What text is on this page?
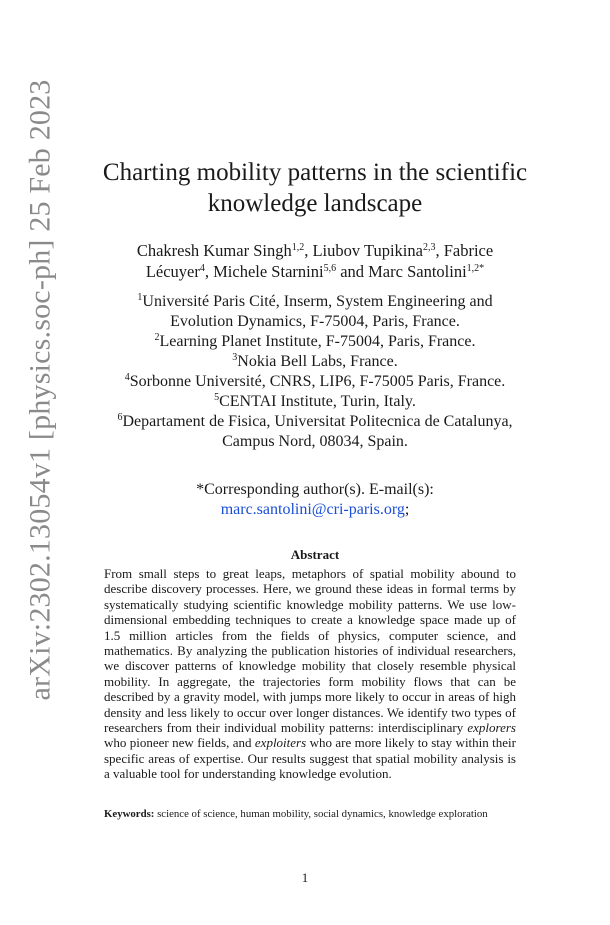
arXiv:2302.13054v1 [physics.soc-ph] 25 Feb 2023	Charting mobility patterns in the scientific
knowledge landscape
Chakresh Kumar Singh$^{1,2}$, Liubov Tupikina$^{2,3}$, Fabrice Lécuyer$^4$, Michele Starnini$^{5,6}$ and Marc Santolini$^{1,2*}$
$^1$Université Paris Cité, Inserm, System Engineering and
Evolution Dynamics, F-75004, Paris, France.
$^2$Learning Planet Institute, F-75004, Paris, France.
$^3$Nokia Bell Labs, France.
$^4$Sorbonne Université, CNRS, LIP6, F-75005 Paris, France.
$^5$CENTAI Institute, Turin, Italy.
$^6$Departament de Fisica, Universitat Politecnica de Catalunya,
Campus Nord, 08034, Spain.
*Corresponding author(s). E-mail(s):
marc.santolini@cri-paris.org;
Abstract
From small steps to great leaps, metaphors of spatial mobility abound to describe discovery processes. Here, we ground these ideas in formal terms by systematically studying scientific knowledge mobility patterns. We use low-dimensional embedding techniques to create a knowledge space made up of 1.5 million articles from the fields of physics, computer science, and mathematics. By analyzing the publication histories of individual researchers, we discover patterns of knowledge mobility that closely resemble physical mobility. In aggregate, the trajectories form mobility flows that can be described by a gravity model, with jumps more likely to occur in areas of high density and less likely to occur over longer distances. We identify two types of researchers from their individual mobility patterns: interdisciplinary explorers who pioneer new fields, and exploiters who are more likely to stay within their specific areas of expertise. Our results suggest that spatial mobility analysis is a valuable tool for understanding knowledge evolution.
Keywords: science of science, human mobility, social dynamics, knowledge exploration
1
